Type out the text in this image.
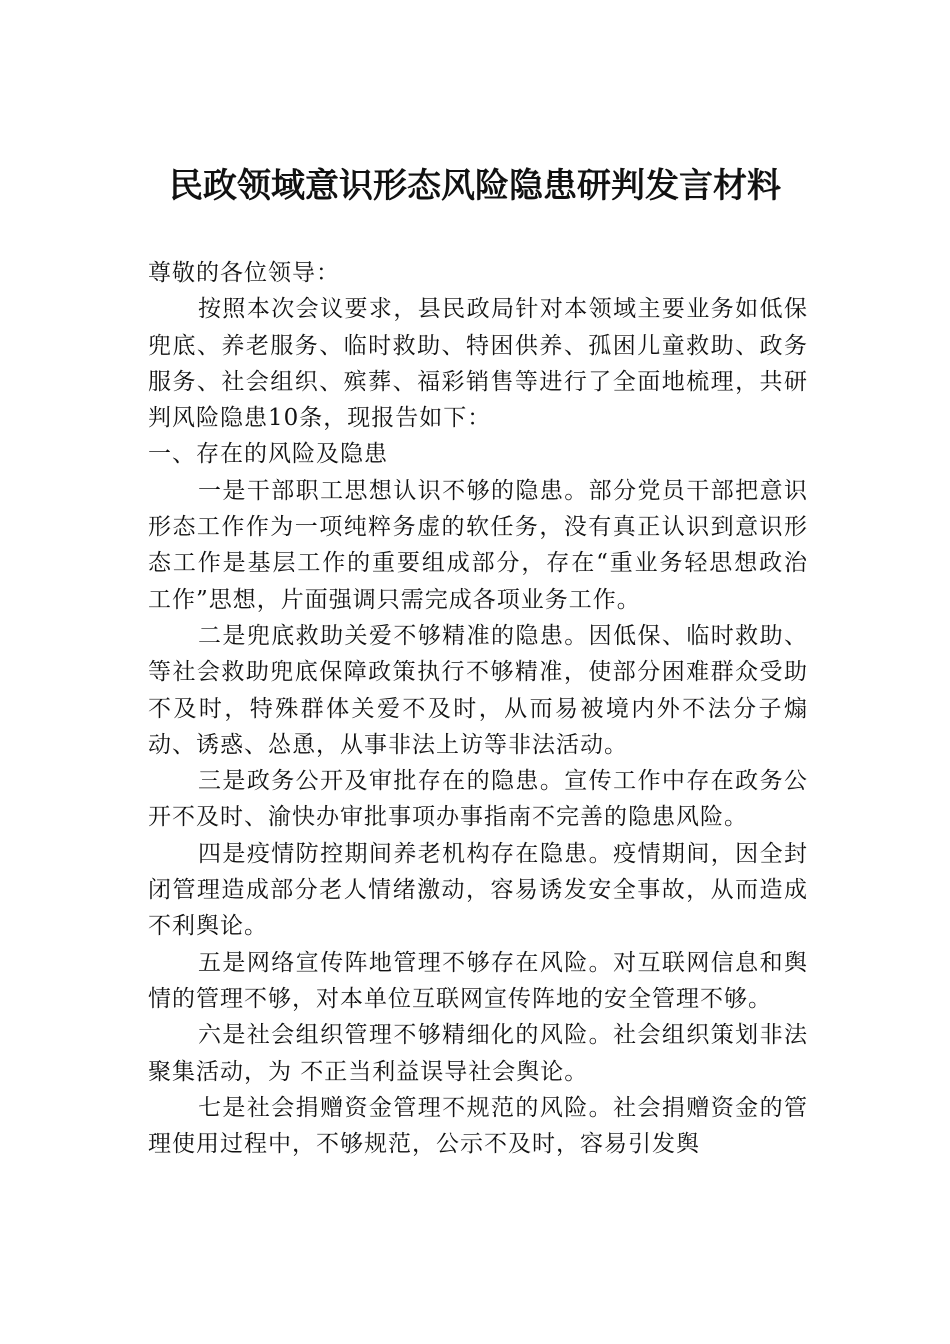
民政领域意识形态风险隐患研判发言材料

尊敬的各位领导：

按照本次会议要求，县民政局针对本领域主要业务如低保兜底、养老服务、临时救助、特困供养、孤困儿童救助、政务服务、社会组织、殡葬、福彩销售等进行了全面地梳理，共研判风险隐患10条，现报告如下：

一、存在的风险及隐患

一是干部职工思想认识不够的隐患。部分党员干部把意识形态工作作为一项纯粹务虚的软任务，没有真正认识到意识形态工作是基层工作的重要组成部分，存在“重业务轻思想政治工作”思想，片面强调只需完成各项业务工作。

二是兜底救助关爱不够精准的隐患。因低保、临时救助、等社会救助兜底保障政策执行不够精准，使部分困难群众受助不及时，特殊群体关爱不及时，从而易被境内外不法分子煽动、诱惑、怂恿，从事非法上访等非法活动。

三是政务公开及审批存在的隐患。宣传工作中存在政务公开不及时、渝快办审批事项办事指南不完善的隐患风险。

四是疫情防控期间养老机构存在隐患。疫情期间，因全封闭管理造成部分老人情绪激动，容易诱发安全事故，从而造成不利舆论。

五是网络宣传阵地管理不够存在风险。对互联网信息和舆情的管理不够，对本单位互联网宣传阵地的安全管理不够。

六是社会组织管理不够精细化的风险。社会组织策划非法聚集活动，为 不正当利益误导社会舆论。

七是社会捐赠资金管理不规范的风险。社会捐赠资金的管理使用过程中，不够规范，公示不及时，容易引发舆
